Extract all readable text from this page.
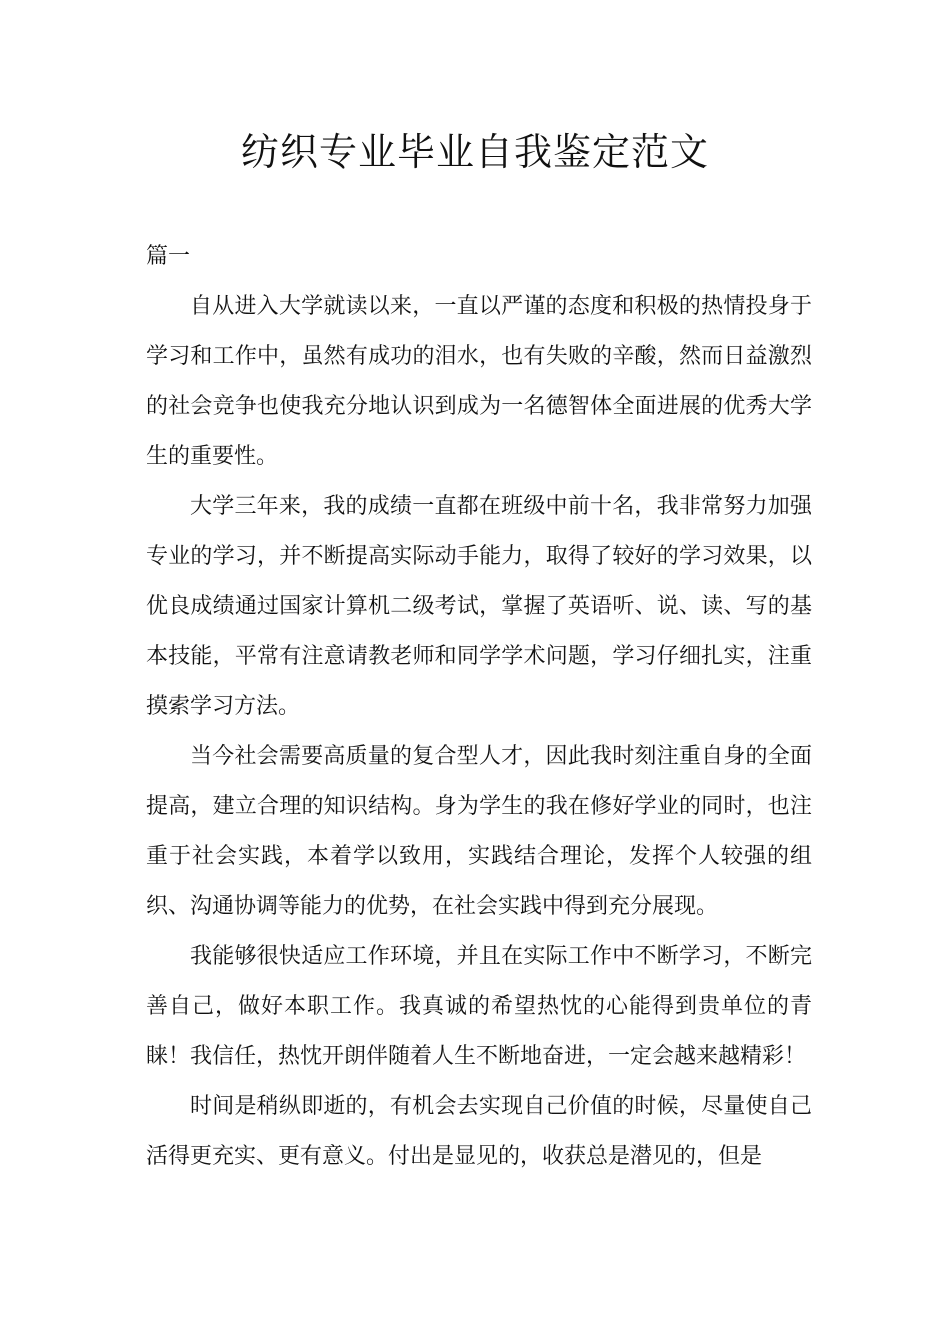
纺织专业毕业自我鉴定范文

篇一

自从进入大学就读以来，一直以严谨的态度和积极的热情投身于学习和工作中，虽然有成功的泪水，也有失败的辛酸，然而日益激烈的社会竞争也使我充分地认识到成为一名德智体全面进展的优秀大学生的重要性。

大学三年来，我的成绩一直都在班级中前十名，我非常努力加强专业的学习，并不断提高实际动手能力，取得了较好的学习效果，以优良成绩通过国家计算机二级考试，掌握了英语听、说、读、写的基本技能，平常有注意请教老师和同学学术问题，学习仔细扎实，注重摸索学习方法。

当今社会需要高质量的复合型人才，因此我时刻注重自身的全面提高，建立合理的知识结构。身为学生的我在修好学业的同时，也注重于社会实践，本着学以致用，实践结合理论，发挥个人较强的组织、沟通协调等能力的优势，在社会实践中得到充分展现。

我能够很快适应工作环境，并且在实际工作中不断学习，不断完善自己，做好本职工作。我真诚的希望热忱的心能得到贵单位的青睐！我信任，热忱开朗伴随着人生不断地奋进，一定会越来越精彩！

时间是稍纵即逝的，有机会去实现自己价值的时候，尽量使自己活得更充实、更有意义。付出是显见的，收获总是潜见的，但是
